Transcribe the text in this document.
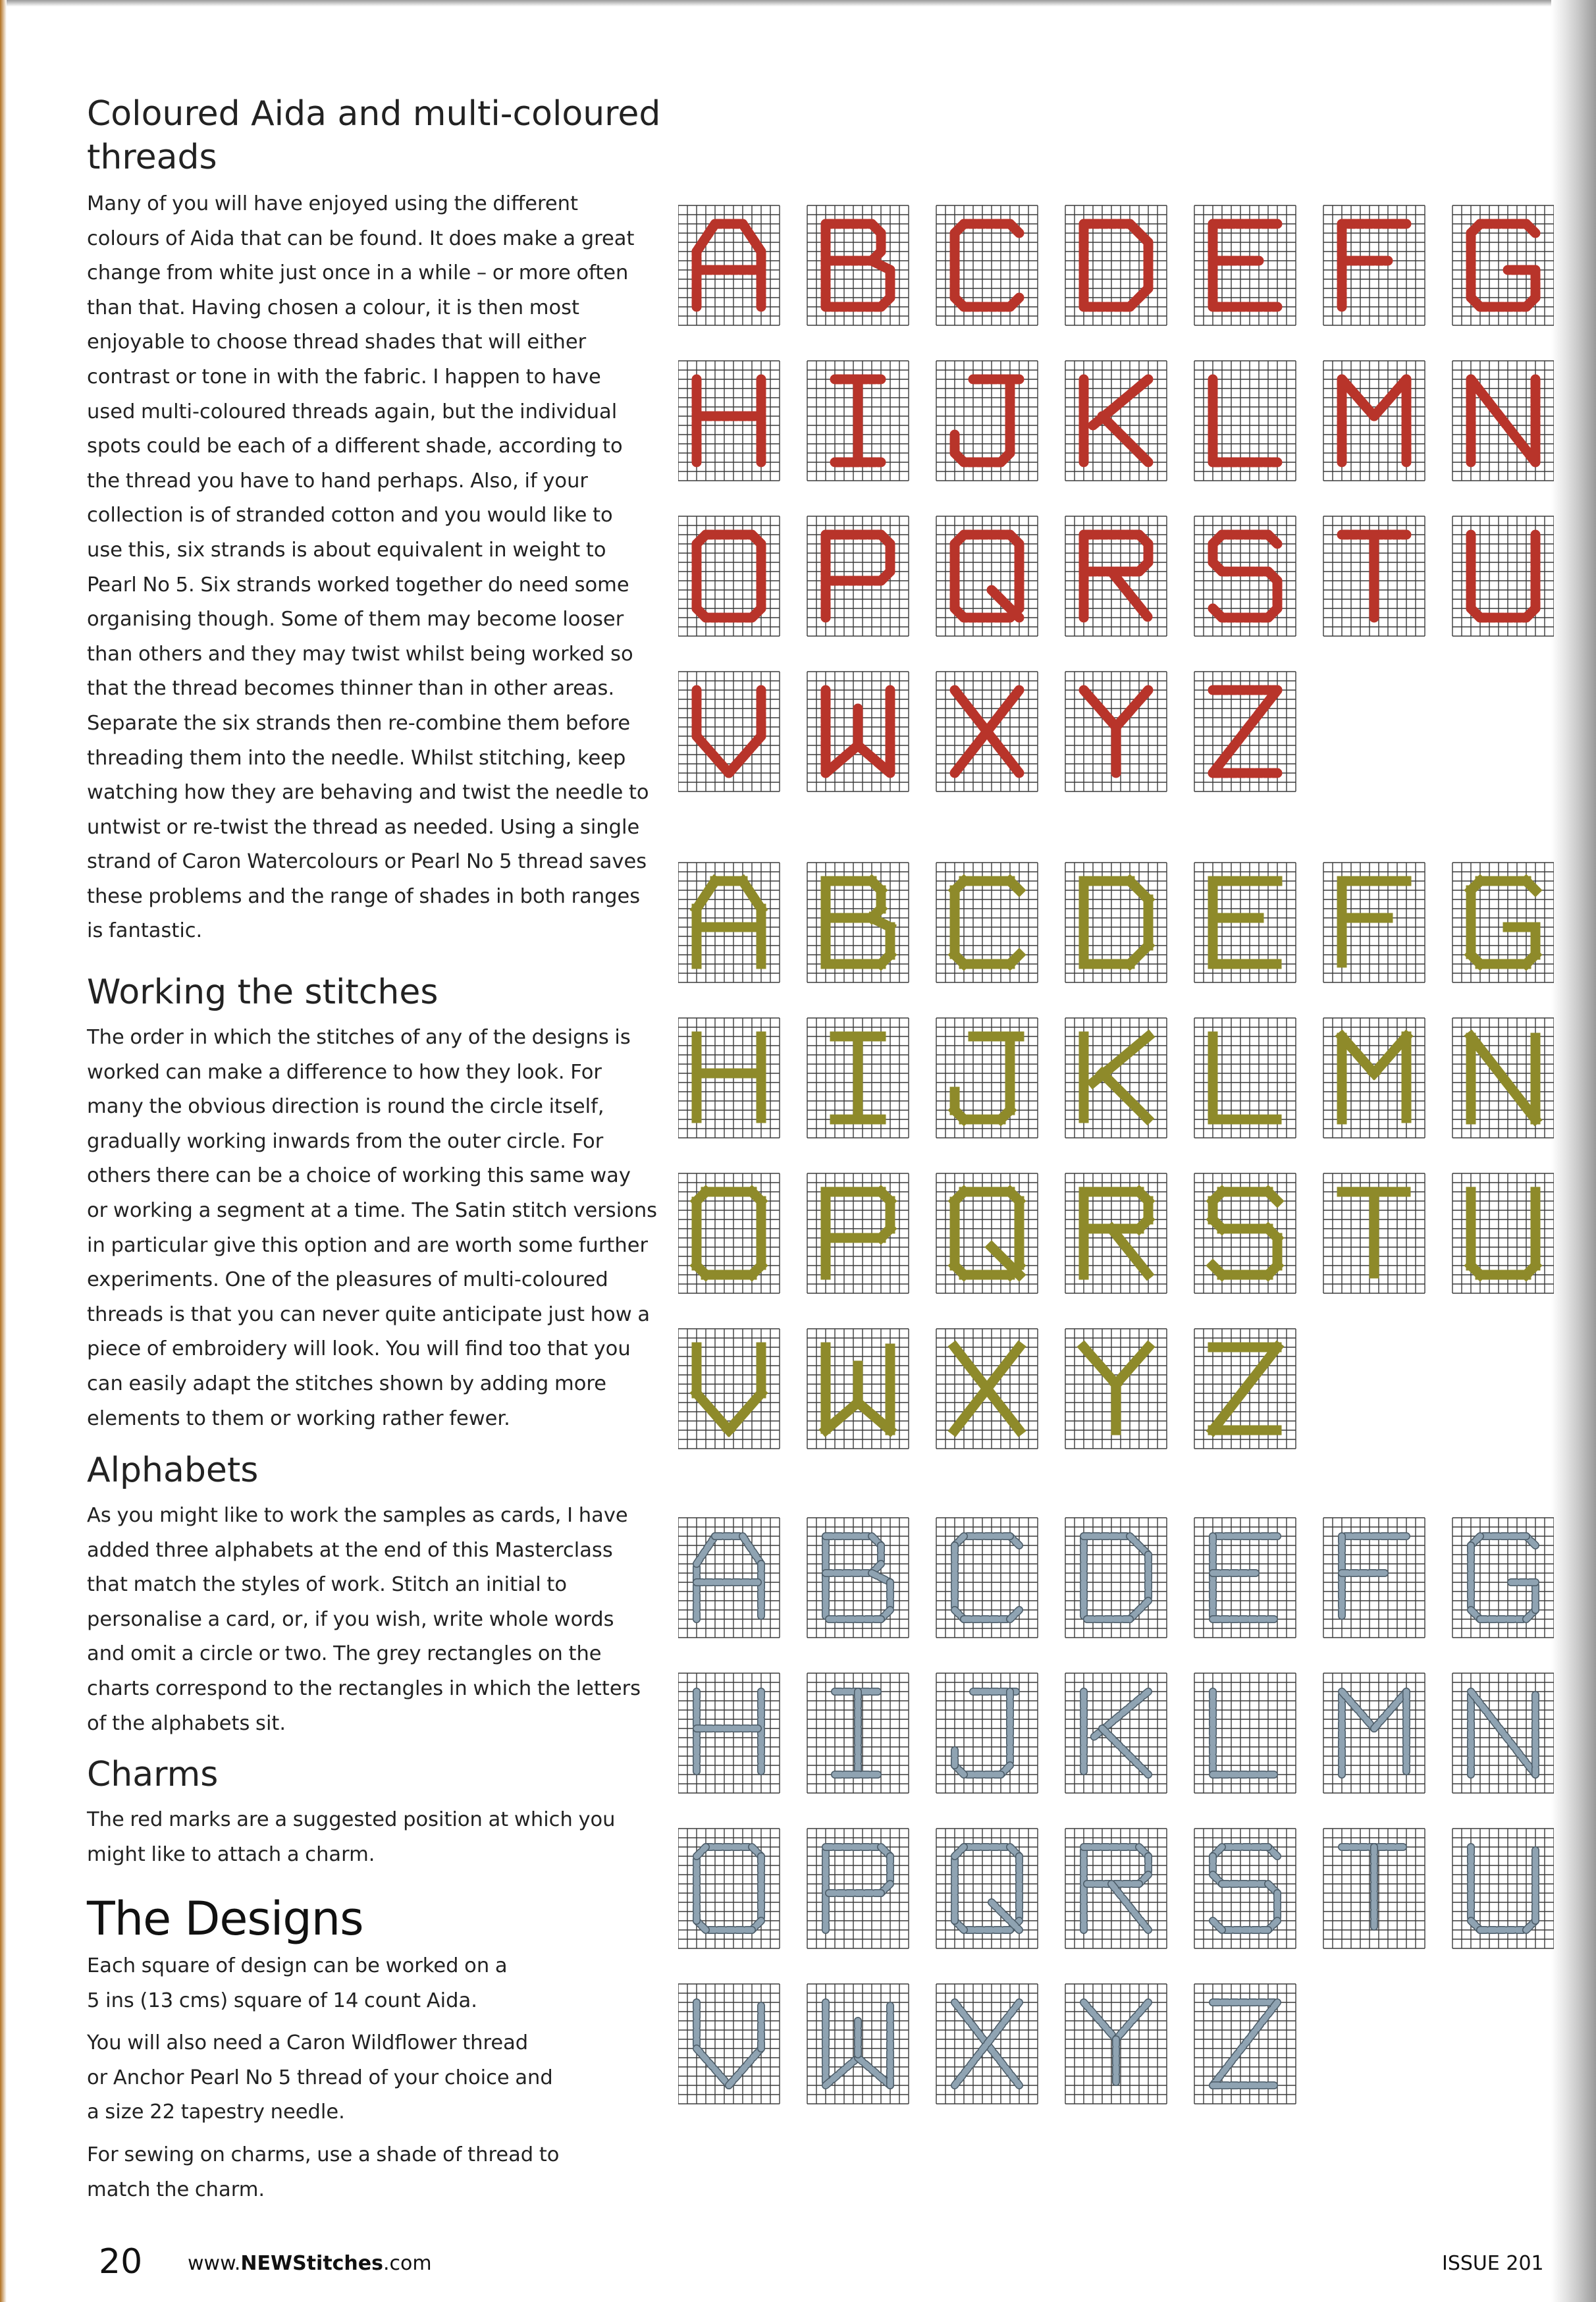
Coloured Aida and multi-coloured threads

Many of you will have enjoyed using the different

colours of Aida that can be found. It does make a great

change from white just once in a while – or more often

than that. Having chosen a colour, it is then most

enjoyable to choose thread shades that will either

contrast or tone in with the fabric. I happen to have

used multi-coloured threads again, but the individual

spots could be each of a different shade, according to

the thread you have to hand perhaps. Also, if your

collection is of stranded cotton and you would like to

use this, six strands is about equivalent in weight to

Pearl No 5. Six strands worked together do need some

organising though. Some of them may become looser

than others and they may twist whilst being worked so

that the thread becomes thinner than in other areas.

Separate the six strands then re-combine them before

threading them into the needle. Whilst stitching, keep

watching how they are behaving and twist the needle to

untwist or re-twist the thread as needed. Using a single

strand of Caron Watercolours or Pearl No 5 thread saves

these problems and the range of shades in both ranges

is fantastic.

Working the stitches

The order in which the stitches of any of the designs is

worked can make a difference to how they look. For

many the obvious direction is round the circle itself,

gradually working inwards from the outer circle. For

others there can be a choice of working this same way

or working a segment at a time. The Satin stitch versions

in particular give this option and are worth some further

experiments. One of the pleasures of multi-coloured

threads is that you can never quite anticipate just how a

piece of embroidery will look. You will find too that you

can easily adapt the stitches shown by adding more

elements to them or working rather fewer.

Alphabets

As you might like to work the samples as cards, I have

added three alphabets at the end of this Masterclass

that match the styles of work. Stitch an initial to

personalise a card, or, if you wish, write whole words

and omit a circle or two. The grey rectangles on the

charts correspond to the rectangles in which the letters

of the alphabets sit.

Charms

The red marks are a suggested position at which you

might like to attach a charm.

The Designs

Each square of design can be worked on a

5 ins (13 cms) square of 14 count Aida.

You will also need a Caron Wildflower thread

or Anchor Pearl No 5 thread of your choice and

a size 22 tapestry needle.

For sewing on charms, use a shade of thread to

match the charm.

20 www.NEWStitches.com	ISSUE 201
